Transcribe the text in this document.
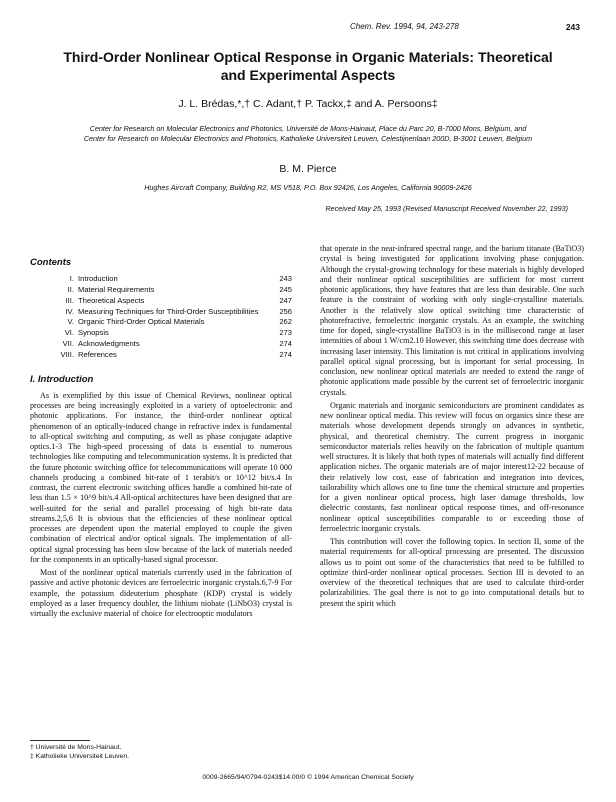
Chem. Rev. 1994, 94, 243-278	243
Third-Order Nonlinear Optical Response in Organic Materials: Theoretical
and Experimental Aspects
J. L. Brédas,*,† C. Adant,† P. Tackx,‡ and A. Persoons‡
Center for Research on Molecular Electronics and Photonics, Université de Mons-Hainaut, Place du Parc 20, B-7000 Mons, Belgium, and
Center for Research on Molecular Electronics and Photonics, Katholieke Universiteit Leuven, Celestijnenlaan 200D, B-3001 Leuven, Belgium
B. M. Pierce
Hughes Aircraft Company, Building R2, MS V518, P.O. Box 92426, Los Angeles, California 90009-2426
Received May 25, 1993 (Revised Manuscript Received November 22, 1993)
Contents
I. Introduction	243
II. Material Requirements	245
III. Theoretical Aspects	247
IV. Measuring Techniques for Third-Order Susceptibilities	256
V. Organic Third-Order Optical Materials	262
VI. Synopsis	273
VII. Acknowledgments	274
VIII. References	274
I. Introduction

As is exemplified by this issue of Chemical Reviews, nonlinear optical processes are being increasingly exploited in a variety of optoelectronic and photonic applications. For instance, the third-order nonlinear optical phenomenon of an optically-induced change in refractive index is fundamental to all-optical switching and computing, as well as phase conjugate adaptive optics.1-3 The high-speed processing of data is essential to numerous technologies like computing and telecommunication systems. It is predicted that the future photonic switching office for telecommunications will operate 10 000 channels producing a combined bit-rate of 1 terabit/s or 10^12 bit/s.4 In contrast, the current electronic switching offices handle a combined bit-rate of less than 1.5 × 10^9 bit/s.4 All-optical architectures have been designed that are well-suited for the serial and parallel processing of high bit-rate data streams.2,5,6 It is obvious that the efficiencies of these nonlinear optical processes are dependent upon the material employed to couple the given combination of electrical and/or optical signals. The implementation of all-optical signal processing has been slow because of the lack of materials needed for the components in an optically-based signal processor.

Most of the nonlinear optical materials currently used in the fabrication of passive and active photonic devices are ferroelectric inorganic crystals.6,7-9 For example, the potassium dideuterium phosphate (KDP) crystal is widely employed as a laser frequency doubler, the lithium niobate (LiNbO3) crystal is virtually the exclusive material of choice for electrooptic modulators

that operate in the near-infrared spectral range, and the barium titanate (BaTiO3) crystal is being investigated for applications involving phase conjugation. Although the crystal-growing technology for these materials is highly developed and their nonlinear optical susceptibilities are sufficient for most current photonic applications, they have features that are less than desirable. One such feature is the constraint of working with only single-crystalline materials. Another is the relatively slow optical switching time characteristic of photorefractive, ferroelectric inorganic crystals. As an example, the switching time for doped, single-crystalline BaTiO3 is in the millisecond range at laser intensities of about 1 W/cm2.10 However, this switching time does decrease with increasing laser intensity. This limitation is not critical in applications involving parallel optical signal processing, but is important for serial processing. In conclusion, new nonlinear optical materials are needed to extend the range of photonic applications made possible by the current set of ferroelectric inorganic crystals.

Organic materials and inorganic semiconductors are prominent candidates as new nonlinear optical media. This review will focus on organics since these are materials whose development depends strongly on advances in synthetic, physical, and theoretical chemistry. The current progress in inorganic semiconductor materials relies heavily on the fabrication of multiple quantum well structures. It is likely that both types of materials will actually find different application niches. The organic materials are of major interest12-22 because of their relatively low cost, ease of fabrication and integration into devices, tailorability which allows one to fine tune the chemical structure and properties for a given nonlinear optical process, high laser damage thresholds, low dielectric constants, fast nonlinear optical response times, and off-resonance nonlinear optical susceptibilities comparable to or exceeding those of ferroelectric inorganic crystals.

This contribution will cover the following topics. In section II, some of the material requirements for all-optical processing are presented. The discussion allows us to point out some of the characteristics that need to be fulfilled to optimize third-order nonlinear optical processes. Section III is devoted to an overview of the theoretical techniques that are used to calculate third-order polarizabilities. The goal there is not to go into computational details but to present the spirit which

† Université de Mons-Hainaut.
‡ Katholieke Universiteit Leuven.
0009-2665/94/0794-0243$14.00/0 © 1994 American Chemical Society
